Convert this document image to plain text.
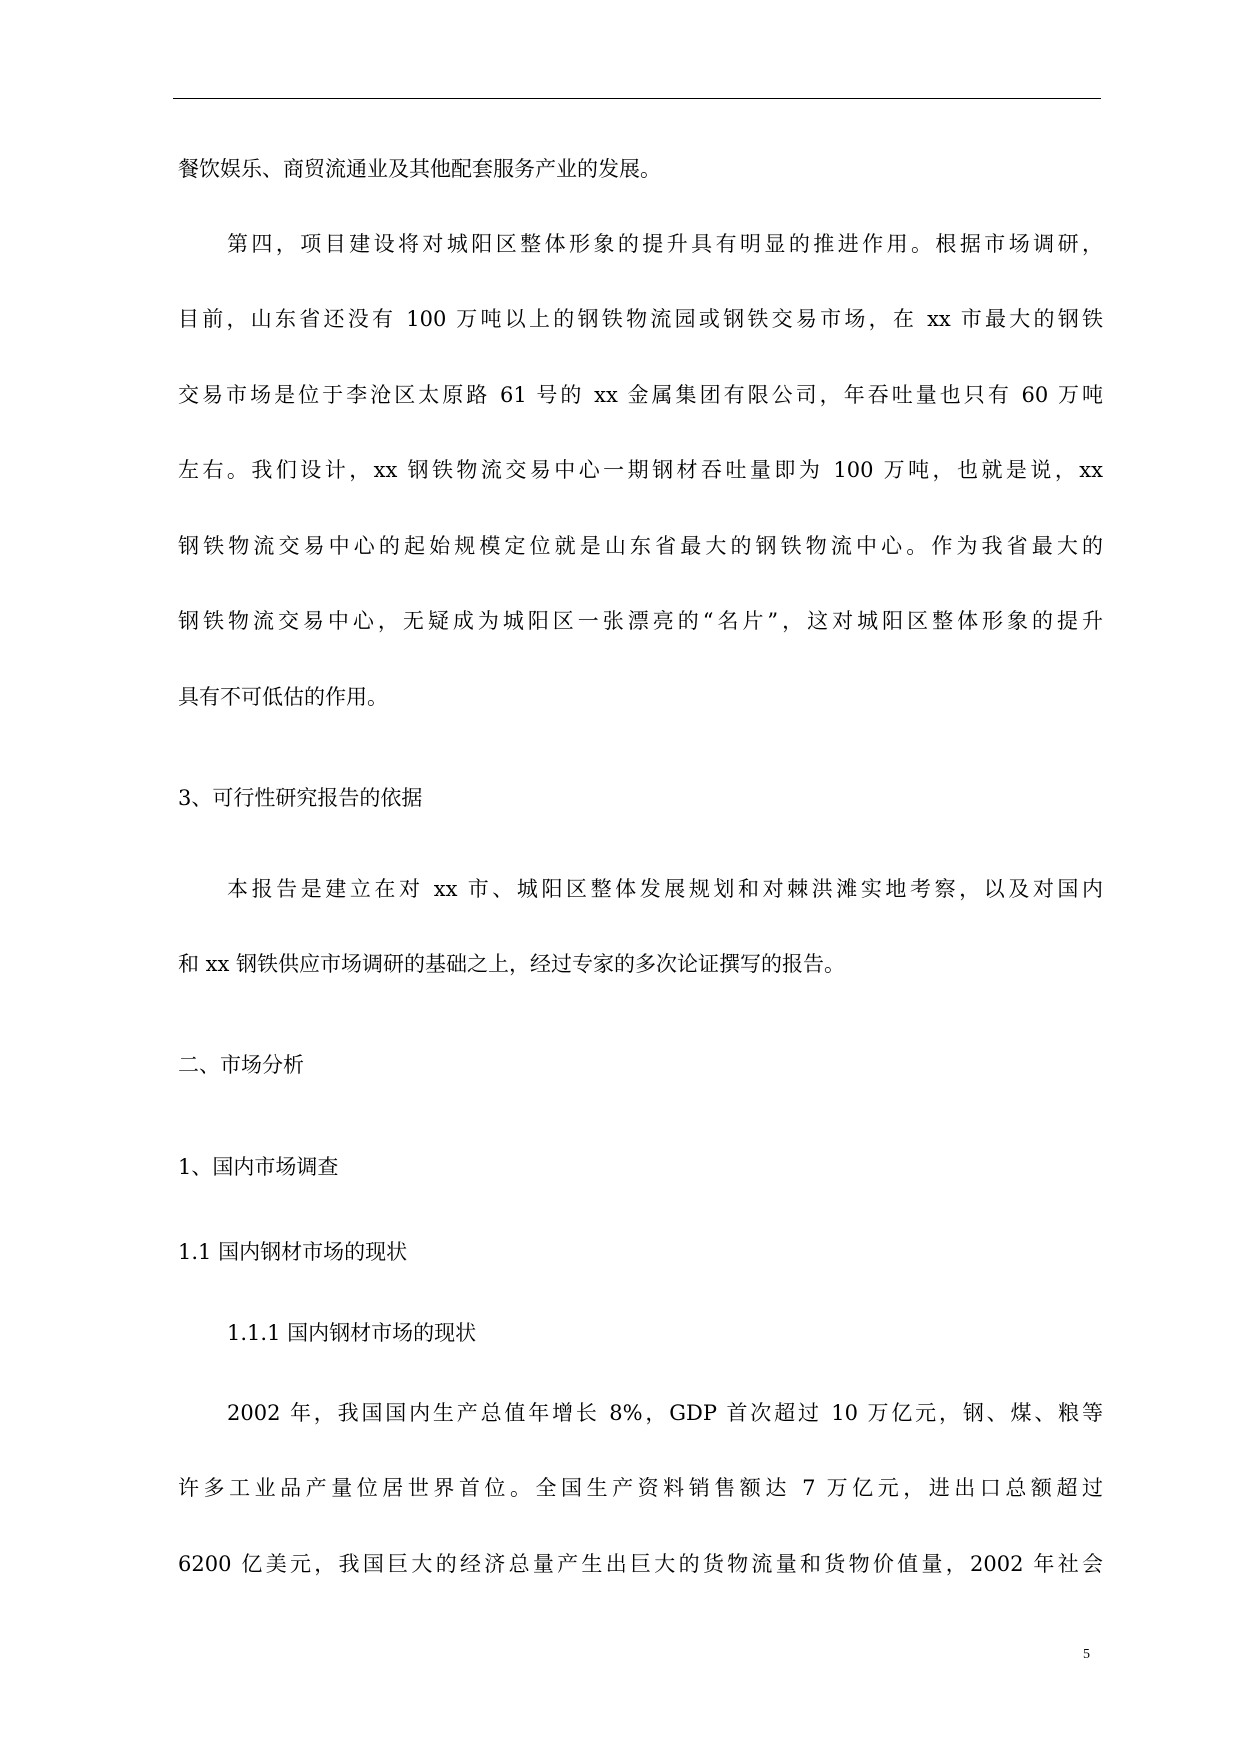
餐饮娱乐、商贸流通业及其他配套服务产业的发展。
第四，项目建设将对城阳区整体形象的提升具有明显的推进作用。根据市场调研，
目前，山东省还没有 100 万吨以上的钢铁物流园或钢铁交易市场，在 xx 市最大的钢铁
交易市场是位于李沧区太原路 61 号的 xx 金属集团有限公司，年吞吐量也只有 60 万吨
左右。我们设计，xx 钢铁物流交易中心一期钢材吞吐量即为 100 万吨，也就是说，xx
钢铁物流交易中心的起始规模定位就是山东省最大的钢铁物流中心。作为我省最大的
钢铁物流交易中心，无疑成为城阳区一张漂亮的“名片”，这对城阳区整体形象的提升
具有不可低估的作用。
3、可行性研究报告的依据
本报告是建立在对 xx 市、城阳区整体发展规划和对棘洪滩实地考察，以及对国内
和 xx 钢铁供应市场调研的基础之上，经过专家的多次论证撰写的报告。
二、市场分析
1、国内市场调查
1.1 国内钢材市场的现状
1.1.1 国内钢材市场的现状
2002 年，我国国内生产总值年增长 8%，GDP 首次超过 10 万亿元，钢、煤、粮等
许多工业品产量位居世界首位。全国生产资料销售额达 7 万亿元，进出口总额超过
6200 亿美元，我国巨大的经济总量产生出巨大的货物流量和货物价值量，2002 年社会
5
